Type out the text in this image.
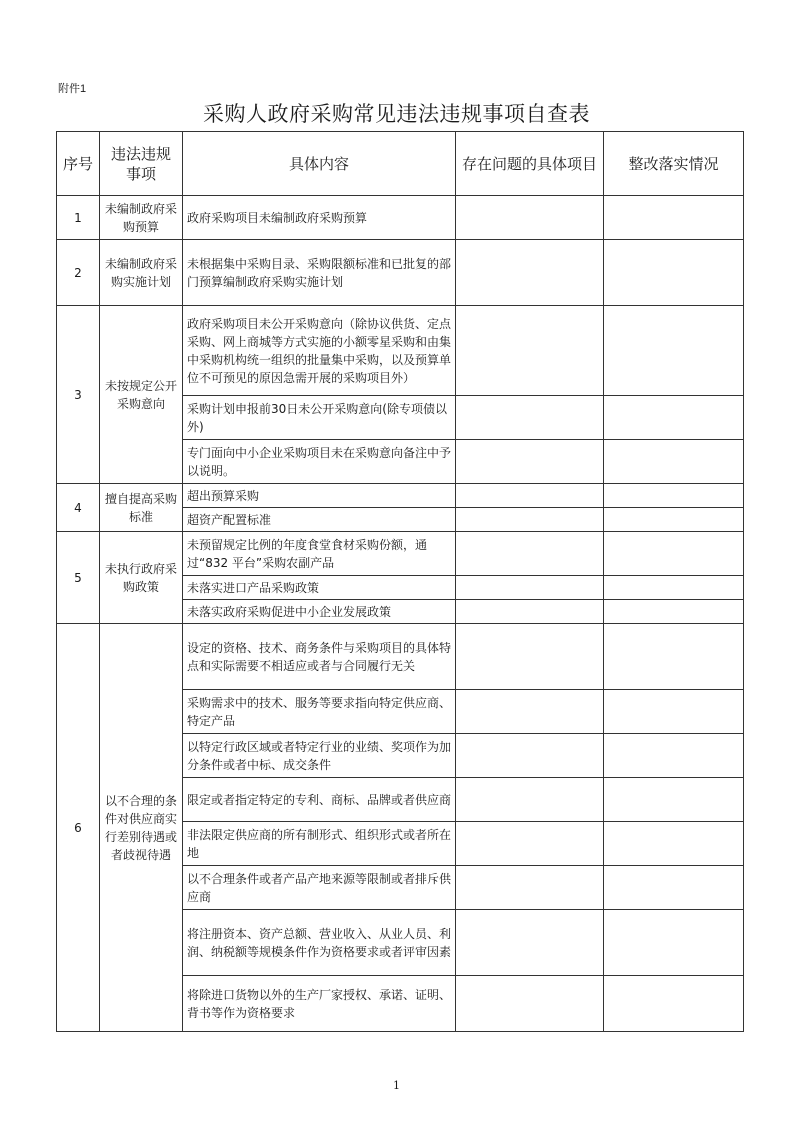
附件1
采购人政府采购常见违法违规事项自查表
序号	违法违规事项	具体内容	存在问题的具体项目	整改落实情况
1	未编制政府采购预算	政府采购项目未编制政府采购预算		
2	未编制政府采购实施计划	未根据集中采购目录、采购限额标准和已批复的部门预算编制政府采购实施计划		
3	未按规定公开采购意向	政府采购项目未公开采购意向（除协议供货、定点采购、网上商城等方式实施的小额零星采购和由集中采购机构统一组织的批量集中采购，以及预算单位不可预见的原因急需开展的采购项目外）		
		采购计划申报前30日未公开采购意向(除专项债以外)		
		专门面向中小企业采购项目未在采购意向备注中予以说明。		
4	擅自提高采购标准	超出预算采购		
		超资产配置标准		
5	未执行政府采购政策	未预留规定比例的年度食堂食材采购份额，通过“832 平台”采购农副产品		
		未落实进口产品采购政策		
		未落实政府采购促进中小企业发展政策		
6	以不合理的条件对供应商实行差别待遇或者歧视待遇	设定的资格、技术、商务条件与采购项目的具体特点和实际需要不相适应或者与合同履行无关		
		采购需求中的技术、服务等要求指向特定供应商、特定产品		
		以特定行政区域或者特定行业的业绩、奖项作为加分条件或者中标、成交条件		
		限定或者指定特定的专利、商标、品牌或者供应商		
		非法限定供应商的所有制形式、组织形式或者所在地		
		以不合理条件或者产品产地来源等限制或者排斥供应商		
		将注册资本、资产总额、营业收入、从业人员、利润、纳税额等规模条件作为资格要求或者评审因素		
		将除进口货物以外的生产厂家授权、承诺、证明、背书等作为资格要求		
1
